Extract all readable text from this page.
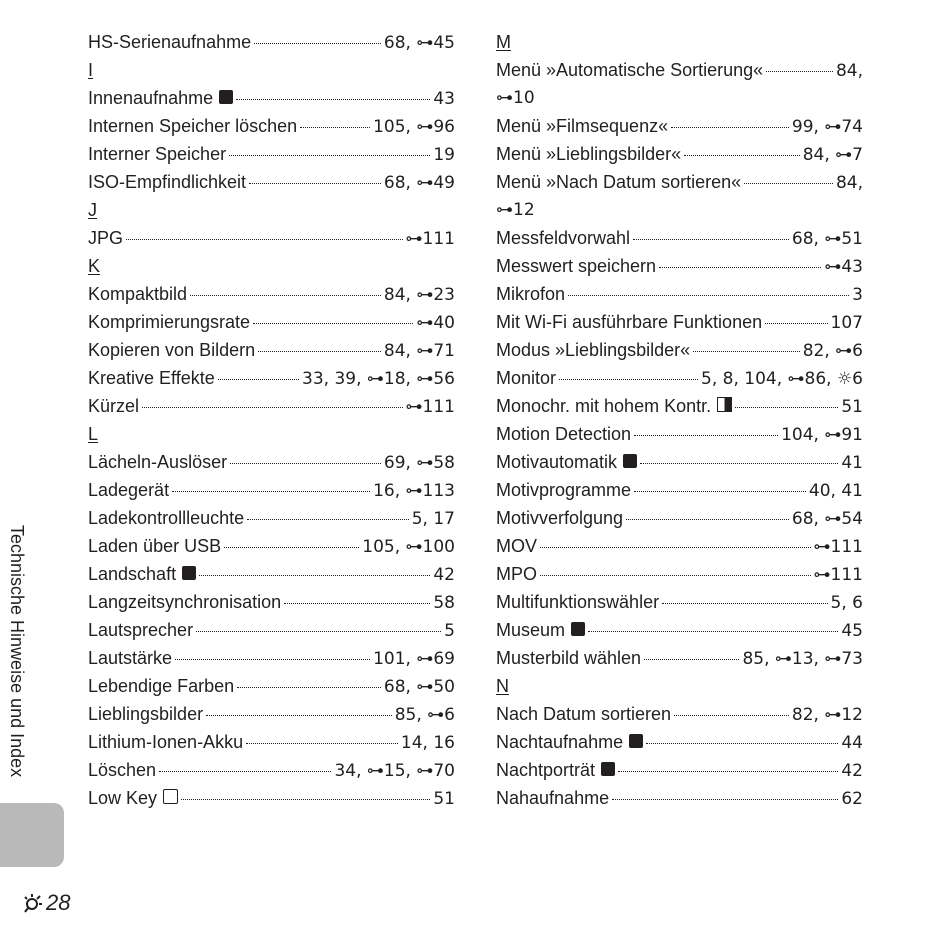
Technische Hinweise und Index
28
HS-Serienaufnahme	68, ⊶45
I
Innenaufnahme	43
Internen Speicher löschen	105, ⊶96
Interner Speicher	19
ISO-Empfindlichkeit	68, ⊶49
J
JPG	⊶111
K
Kompaktbild	84, ⊶23
Komprimierungsrate	⊶40
Kopieren von Bildern	84, ⊶71
Kreative Effekte	33, 39, ⊶18, ⊶56
Kürzel	⊶111
L
Lächeln-Auslöser	69, ⊶58
Ladegerät	16, ⊶113
Ladekontrollleuchte	5, 17
Laden über USB	105, ⊶100
Landschaft	42
Langzeitsynchronisation	58
Lautsprecher	5
Lautstärke	101, ⊶69
Lebendige Farben	68, ⊶50
Lieblingsbilder	85, ⊶6
Lithium-Ionen-Akku	14, 16
Löschen	34, ⊶15, ⊶70
Low Key	51
M
Menü »Automatische Sortierung«	84,
⊶10
Menü »Filmsequenz«	99, ⊶74
Menü »Lieblingsbilder«	84, ⊶7
Menü »Nach Datum sortieren«	84,
⊶12
Messfeldvorwahl	68, ⊶51
Messwert speichern	⊶43
Mikrofon	3
Mit Wi-Fi ausführbare Funktionen	107
Modus »Lieblingsbilder«	82, ⊶6
Monitor	5, 8, 104, ⊶86, ☼6
Monochr. mit hohem Kontr.	51
Motion Detection	104, ⊶91
Motivautomatik	41
Motivprogramme	40, 41
Motivverfolgung	68, ⊶54
MOV	⊶111
MPO	⊶111
Multifunktionswähler	5, 6
Museum	45
Musterbild wählen	85, ⊶13, ⊶73
N
Nach Datum sortieren	82, ⊶12
Nachtaufnahme	44
Nachtporträt	42
Nahaufnahme	62
